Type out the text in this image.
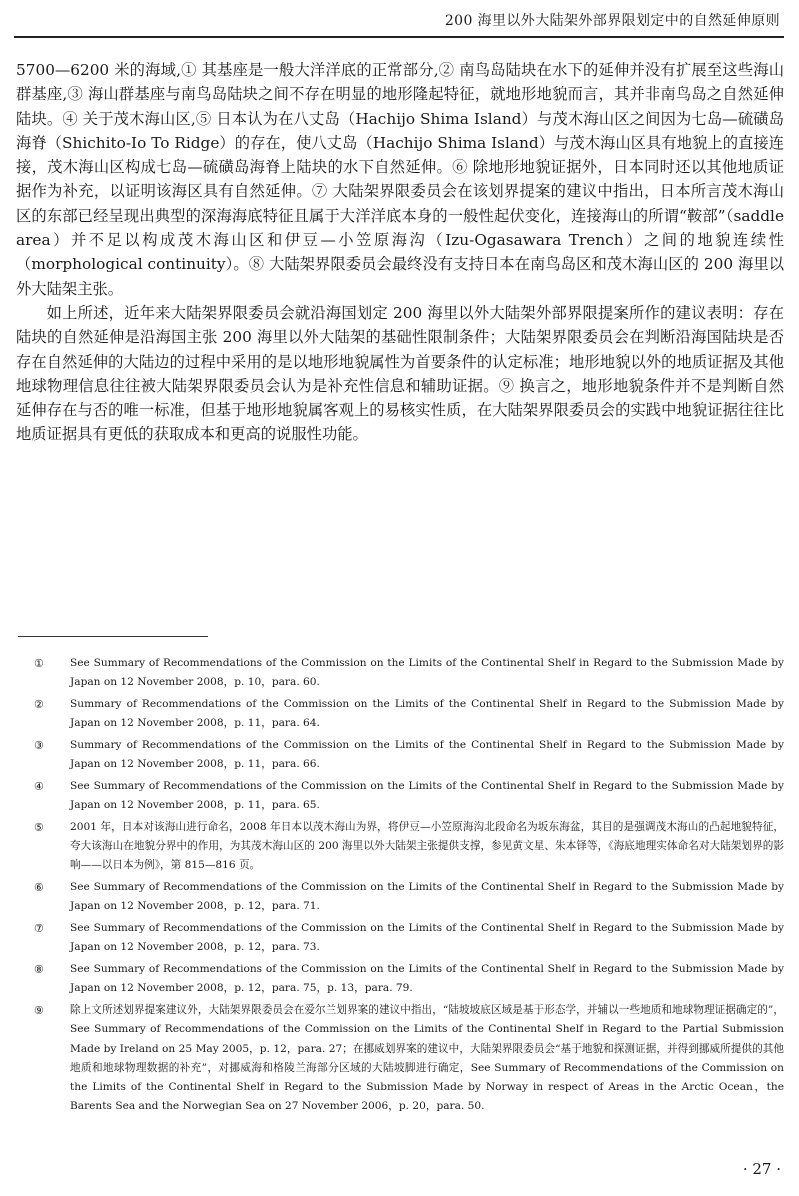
200 海里以外大陆架外部界限划定中的自然延伸原则

5700—6200 米的海域,① 其基座是一般大洋洋底的正常部分,② 南鸟岛陆块在水下的延伸并没有扩展至这些海山群基座,③ 海山群基座与南鸟岛陆块之间不存在明显的地形隆起特征，就地形地貌而言，其并非南鸟岛之自然延伸陆块。④ 关于茂木海山区,⑤ 日本认为在八丈岛（Hachijo Shima Island）与茂木海山区之间因为七岛—硫磺岛海脊（Shichito-Io To Ridge）的存在，使八丈岛（Hachijo Shima Island）与茂木海山区具有地貌上的直接连接，茂木海山区构成七岛—硫磺岛海脊上陆块的水下自然延伸。⑥ 除地形地貌证据外，日本同时还以其他地质证据作为补充，以证明该海区具有自然延伸。⑦ 大陆架界限委员会在该划界提案的建议中指出，日本所言茂木海山区的东部已经呈现出典型的深海海底特征且属于大洋洋底本身的一般性起伏变化，连接海山的所谓“鞍部”（saddle area）并不足以构成茂木海山区和伊豆—小笠原海沟（Izu-Ogasawara Trench）之间的地貌连续性（morphological continuity）。⑧ 大陆架界限委员会最终没有支持日本在南鸟岛区和茂木海山区的 200 海里以外大陆架主张。

如上所述，近年来大陆架界限委员会就沿海国划定 200 海里以外大陆架外部界限提案所作的建议表明：存在陆块的自然延伸是沿海国主张 200 海里以外大陆架的基础性限制条件；大陆架界限委员会在判断沿海国陆块是否存在自然延伸的大陆边的过程中采用的是以地形地貌属性为首要条件的认定标准；地形地貌以外的地质证据及其他地球物理信息往往被大陆架界限委员会认为是补充性信息和辅助证据。⑨ 换言之，地形地貌条件并不是判断自然延伸存在与否的唯一标准，但基于地形地貌属客观上的易核实性质，在大陆架界限委员会的实践中地貌证据往往比地质证据具有更低的获取成本和更高的说服性功能。

① See Summary of Recommendations of the Commission on the Limits of the Continental Shelf in Regard to the Submission Made by Japan on 12 November 2008，p. 10，para. 60.
② Summary of Recommendations of the Commission on the Limits of the Continental Shelf in Regard to the Submission Made by Japan on 12 November 2008，p. 11，para. 64.
③ Summary of Recommendations of the Commission on the Limits of the Continental Shelf in Regard to the Submission Made by Japan on 12 November 2008，p. 11，para. 66.
④ See Summary of Recommendations of the Commission on the Limits of the Continental Shelf in Regard to the Submission Made by Japan on 12 November 2008，p. 11，para. 65.
⑤ 2001 年，日本对该海山进行命名，2008 年日本以茂木海山为界，将伊豆—小笠原海沟北段命名为坂东海盆，其目的是强调茂木海山的凸起地貌特征，夸大该海山在地貌分界中的作用，为其茂木海山区的 200 海里以外大陆架主张提供支撑，参见黄文星、朱本铎等，《海底地理实体命名对大陆架划界的影响——以日本为例》，第 815—816 页。
⑥ See Summary of Recommendations of the Commission on the Limits of the Continental Shelf in Regard to the Submission Made by Japan on 12 November 2008，p. 12，para. 71.
⑦ See Summary of Recommendations of the Commission on the Limits of the Continental Shelf in Regard to the Submission Made by Japan on 12 November 2008，p. 12，para. 73.
⑧ See Summary of Recommendations of the Commission on the Limits of the Continental Shelf in Regard to the Submission Made by Japan on 12 November 2008，p. 12，para. 75，p. 13，para. 79.
⑨ 除上文所述划界提案建议外，大陆架界限委员会在爱尔兰划界案的建议中指出，“陆坡坡底区域是基于形态学，并辅以一些地质和地球物理证据确定的”，See Summary of Recommendations of the Commission on the Limits of the Continental Shelf in Regard to the Partial Submission Made by Ireland on 25 May 2005，p. 12，para. 27；在挪威划界案的建议中，大陆架界限委员会“基于地貌和探测证据，并得到挪威所提供的其他地质和地球物理数据的补充”，对挪威海和格陵兰海部分区域的大陆坡脚进行确定，See Summary of Recommendations of the Commission on the Limits of the Continental Shelf in Regard to the Submission Made by Norway in respect of Areas in the Arctic Ocean，the Barents Sea and the Norwegian Sea on 27 November 2006，p. 20，para. 50.
· 27 ·
